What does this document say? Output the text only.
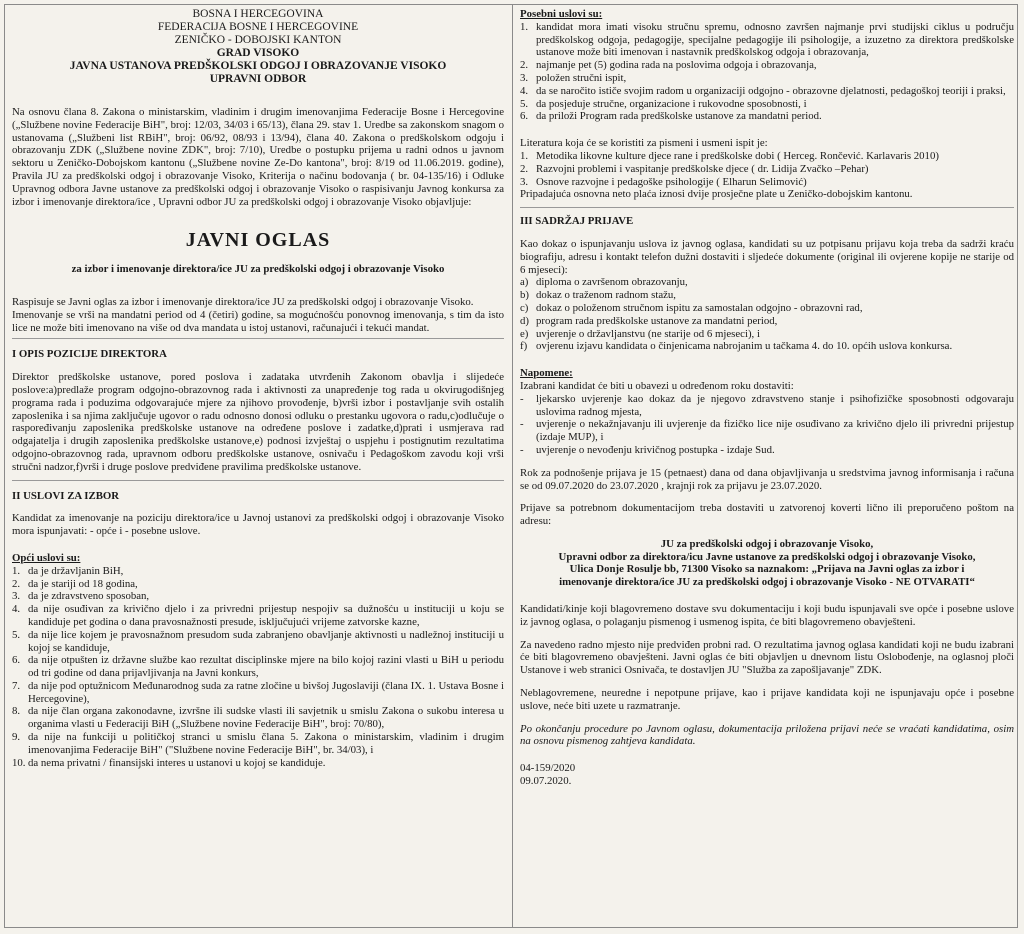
BOSNA I HERCEGOVINA
FEDERACIJA BOSNE I HERCEGOVINE
ZENIČKO - DOBOJSKI KANTON
GRAD VISOKO
JAVNA USTANOVA PREDŠKOLSKI ODGOJ I OBRAZOVANJE VISOKO
UPRAVNI ODBOR

Na osnovu člana 8. Zakona o ministarskim, vladinim i drugim imenovanjima Federacije Bosne i Hercegovine („Službene novine Federacije BiH", broj: 12/03, 34/03 i 65/13), člana 29. stav 1. Uredbe sa zakonskom snagom o ustanovama („Službeni list RBiH", broj: 06/92, 08/93 i 13/94), člana 40. Zakona o predškolskom odgoju i obrazovanju ZDK („Službene novine ZDK", broj: 7/10), Uredbe o postupku prijema u radni odnos u javnom sektoru u Zeničko-Dobojskom kantonu („Službene novine Ze-Do kantona", broj: 8/19 od 11.06.2019. godine), Pravila JU za predškolski odgoj i obrazovanje Visoko, Kriterija o načinu bodovanja ( br. 04-135/16) i Odluke Upravnog odbora Javne ustanove za predškolski odgoj i obrazovanje Visoko o raspisivanju Javnog konkursa za izbor i imenovanje direktora/ice , Upravni odbor JU za predškolski odgoj i obrazovanje Visoko objavljuje:

JAVNI OGLAS
za izbor i imenovanje direktora/ice JU za predškolski odgoj i obrazovanje Visoko

Raspisuje se Javni oglas za izbor i imenovanje direktora/ice JU za predškolski odgoj i obrazovanje Visoko.

Imenovanje se vrši na mandatni period od 4 (četiri) godine, sa mogućnošću ponovnog imenovanja, s tim da isto lice ne može biti imenovano na više od dva mandata u istoj ustanovi, računajući i tekući mandat.

I OPIS POZICIJE DIREKTORA

Direktor predškolske ustanove, pored poslova i zadataka utvrđenih Zakonom obavlja i slijedeće poslove:a)predlaže program odgojno-obrazovnog rada i aktivnosti za unapređenje tog rada u okvirugodišnjeg programa rada i poduzima odgovarajuće mjere za njihovo provođenje, b)vrši izbor i postavljanje svih ostalih zaposlenika i sa njima zaključuje ugovor o radu odnosno donosi odluku o prestanku ugovora o radu,c)odlučuje o raspoređivanju zaposlenika predškolske ustanove na određene poslove i zadatke,d)prati i usmjerava rad odgajatelja i drugih zaposlenika predškolske ustanove,e) podnosi izvještaj o uspjehu i postignutim rezultatima odgojno-obrazovnog rada, upravnom odboru predškolske ustanove, osnivaču i Pedagoškom zavodu koji vrši stručni nadzor,f)vrši i druge poslove predviđene pravilima predškolske ustanove.

II USLOVI ZA IZBOR

Kandidat za imenovanje na poziciju direktora/ice u Javnoj ustanovi za predškolski odgoj i obrazovanje Visoko mora ispunjavati: - opće i - posebne uslove.

Opći uslovi su:
1. da je državljanin BiH,
2. da je stariji od 18 godina,
3. da je zdravstveno sposoban,
4. da nije osuđivan za krivično djelo i za privredni prijestup nespojiv sa dužnošću u instituciji u koju se kandiduje pet godina o dana pravosnažnosti presude, isključujući vrijeme zatvorske kazne,
5. da nije lice kojem je pravosnažnom presudom suda zabranjeno obavljanje aktivnosti u nadležnoj instituciji u kojoj se kandiduje,
6. da nije otpušten iz državne službe kao rezultat disciplinske mjere na bilo kojoj razini vlasti u BiH u periodu od tri godine od dana prijavljivanja na Javni konkurs,
7. da nije pod optužnicom Međunarodnog suda za ratne zločine u bivšoj Jugoslaviji (člana IX. 1. Ustava Bosne i Hercegovine),
8. da nije član organa zakonodavne, izvršne ili sudske vlasti ili savjetnik u smislu Zakona o sukobu interesa u organima vlasti u Federaciji BiH („Službene novine Federacije BiH", broj: 70/80),
9. da nije na funkciji u političkoj stranci u smislu člana 5. Zakona o ministarskim, vladinim i drugim imenovanjima Federacije BiH" ("Službene novine Federacije BiH", br. 34/03), i
10. da nema privatni / finansijski interes u ustanovi u kojoj se kandiduje.
Posebni uslovi su:
1. kandidat mora imati visoku stručnu spremu, odnosno završen najmanje prvi studijski ciklus u području predškolskog odgoja, pedagogije, specijalne pedagogije ili psihologije, a izuzetno za direktora predškolske ustanove može biti imenovan i nastavnik predškolskog odgoja i obrazovanja,
2. najmanje pet (5) godina rada na poslovima odgoja i obrazovanja,
3. položen stručni ispit,
4. da se naročito ističe svojim radom u organizaciji odgojno - obrazovne djelatnosti, pedagoškoj teoriji i praksi,
5. da posjeduje stručne, organizacione i rukovodne sposobnosti, i
6. da priloži Program rada predškolske ustanove za mandatni period.

Literatura koja će se koristiti za pismeni i usmeni ispit je:

1. Metodika likovne kulture djece rane i predškolske dobi ( Herceg. Rončević. Karlavaris 2010)
2. Razvojni problemi i vaspitanje predškolske djece ( dr. Lidija Zvačko –Pehar)
3. Osnove razvojne i pedagoške psihologije ( Elharun Selimović)

Pripadajuća osnovna neto plaća iznosi dvije prosječne plate u Zeničko-dobojskim kantonu.

III SADRŽAJ PRIJAVE

Kao dokaz o ispunjavanju uslova iz javnog oglasa, kandidati su uz potpisanu prijavu koja treba da sadrži kraću biografiju, adresu i kontakt telefon dužni dostaviti i sljedeće dokumente (original ili ovjerene kopije ne starije od 6 mjeseci):

a) diploma o završenom obrazovanju,
b) dokaz o traženom radnom stažu,
c) dokaz o položenom stručnom ispitu za samostalan odgojno - obrazovni rad,
d) program rada predškolske ustanove za mandatni period,
e) uvjerenje o državljanstvu (ne starije od 6 mjeseci), i
f) ovjerenu izjavu kandidata o činjenicama nabrojanim u tačkama 4. do 10. općih uslova konkursa.
Napomene:

Izabrani kandidat će biti u obavezi u određenom roku dostaviti:

-	ljekarsko uvjerenje kao dokaz da je njegovo zdravstveno stanje i psihofizičke sposobnosti odgovaraju uslovima radnog mjesta,
-	uvjerenje o nekažnjavanju ili uvjerenje da fizičko lice nije osuđivano za krivično djelo ili privredni prijestup (izdaje MUP), i
-	uvjerenje o nevođenju krivičnog postupka - izdaje Sud.

Rok za podnošenje prijava je 15 (petnaest) dana od dana objavljivanja u sredstvima javnog informisanja i računa se od 09.07.2020 do 23.07.2020 , krajnji rok za prijavu je 23.07.2020.

Prijave sa potrebnom dokumentacijom treba dostaviti u zatvorenoj koverti lično ili preporučeno poštom na adresu:

JU za predškolski odgoj i obrazovanje Visoko,
Upravni odbor za direktora/icu Javne ustanove za predškolski odgoj i obrazovanje Visoko,
Ulica Donje Rosulje bb, 71300 Visoko sa naznakom: „Prijava na Javni oglas za izbor i
imenovanje direktora/ice JU za predškolski odgoj i obrazovanje Visoko - NE OTVARATI“

Kandidati/kinje koji blagovremeno dostave svu dokumentaciju i koji budu ispunjavali sve opće i posebne uslove iz javnog oglasa, o polaganju pismenog i usmenog ispita, će biti blagovremeno obavješteni.

Za navedeno radno mjesto nije predviđen probni rad. O rezultatima javnog oglasa kandidati koji ne budu izabrani će biti blagovremeno obavješteni. Javni oglas će biti objavljen u dnevnom listu Oslobođenje, na oglasnoj ploči Ustanove i web stranici Osnivača, te dostavljen JU "Služba za zapošljavanje" ZDK.

Neblagovremene, neuredne i nepotpune prijave, kao i prijave kandidata koji ne ispunjavaju opće i posebne uslove, neće biti uzete u razmatranje.

Po okončanju procedure po Javnom oglasu, dokumentacija priložena prijavi neće se vraćati kandidatima, osim na osnovu pismenog zahtjeva kandidata.

04-159/2020
09.07.2020.
